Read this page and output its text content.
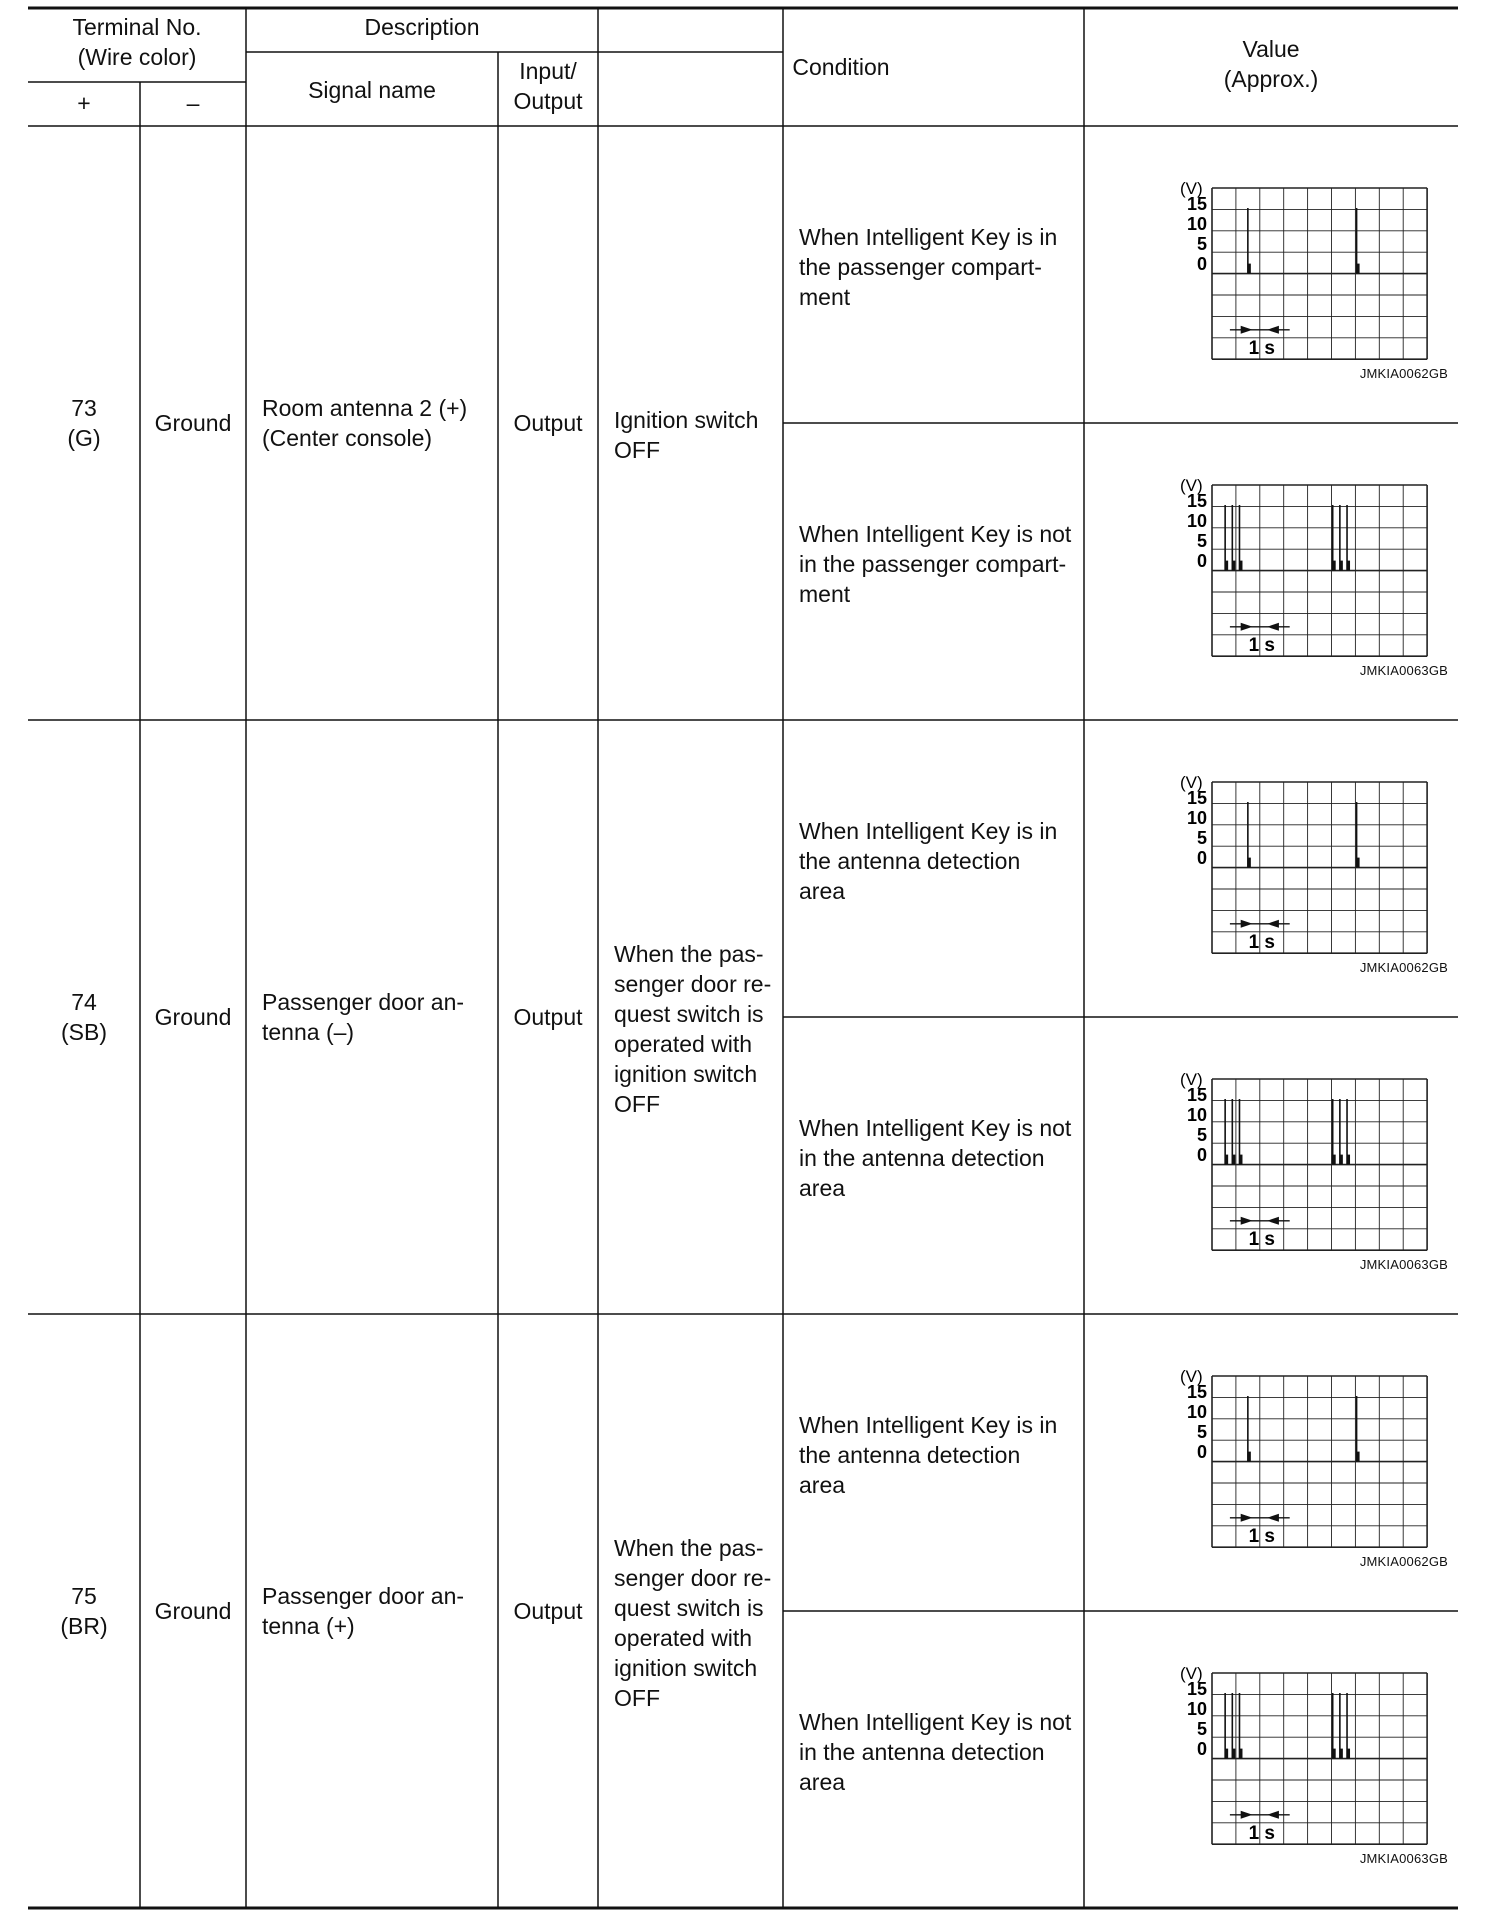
Terminal No.
(Wire color)
+	–
Description
Signal name
Input/
Output
Condition
Value
(Approx.)
73
(G)
Ground
Room antenna 2 (+)
(Center console)
Output	Ignition switch
OFF
When Intelligent Key is in
the passenger compart-
ment
(V)
15
10
5
0
1 s
JMKIA0062GB
When Intelligent Key is not
in the passenger compart-
ment
(V)
15
10
5
0
1 s
JMKIA0063GB
74
(SB)
Ground
Passenger door an-
tenna (–)
Output
When the pas-
senger door re-
quest switch is
operated with
ignition switch
OFF
When Intelligent Key is in
the antenna detection
area
(V)
15
10
5
0
1 s
JMKIA0062GB
When Intelligent Key is not
in the antenna detection
area
(V)
15
10
5
0
1 s
JMKIA0063GB
75
(BR)
Ground
Passenger door an-
tenna (+)
Output
When the pas-
senger door re-
quest switch is
operated with
ignition switch
OFF
When Intelligent Key is in
the antenna detection
area
(V)
15
10
5
0
1 s
JMKIA0062GB
When Intelligent Key is not
in the antenna detection
area
(V)
15
10
5
0
1 s
JMKIA0063GB
